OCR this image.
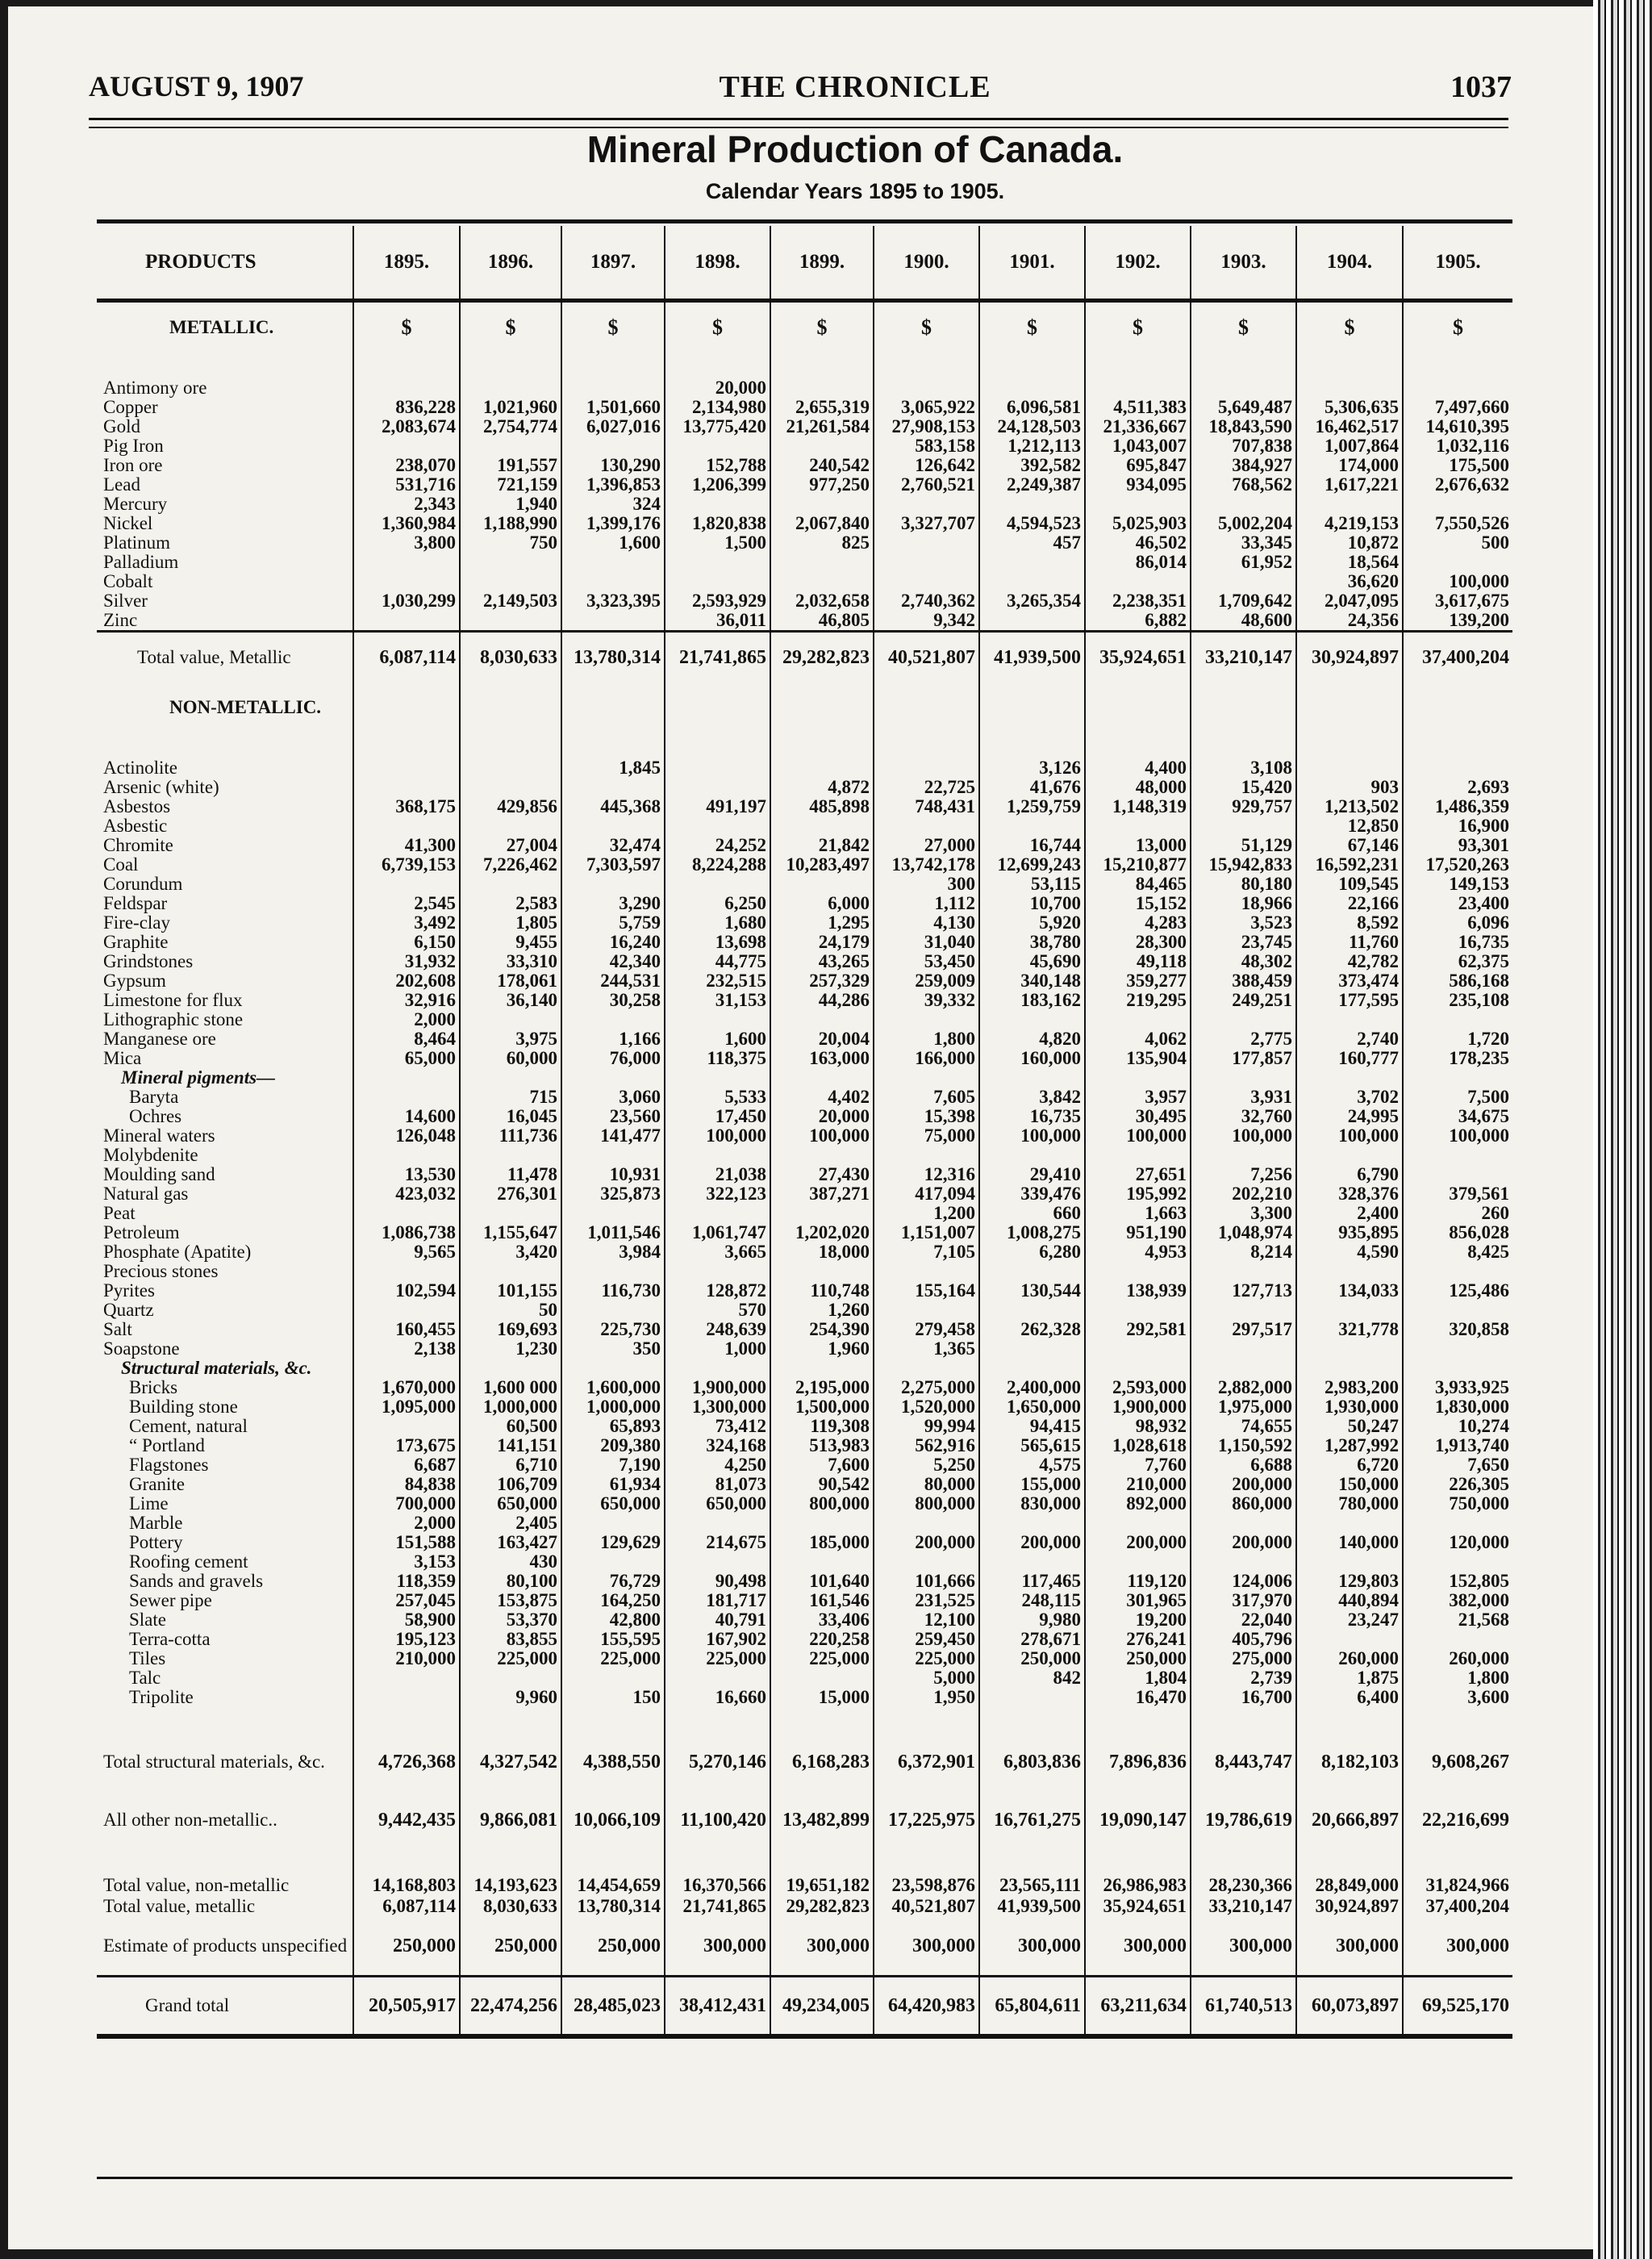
AUGUST 9, 1907	THE CHRONICLE	1037
Mineral Production of Canada.
Calendar Years 1895 to 1905.
PRODUCTS	1895.	1896.	1897.	1898.	1899.	1900.	1901.	1902.	1903.	1904.	1905.
METALLIC.	$	$	$	$	$	$	$	$	$	$	$

Antimony ore				20,000							
Copper	836,228	1,021,960	1,501,660	2,134,980	2,655,319	3,065,922	6,096,581	4,511,383	5,649,487	5,306,635	7,497,660
Gold	2,083,674	2,754,774	6,027,016	13,775,420	21,261,584	27,908,153	24,128,503	21,336,667	18,843,590	16,462,517	14,610,395
Pig Iron						583,158	1,212,113	1,043,007	707,838	1,007,864	1,032,116
Iron ore	238,070	191,557	130,290	152,788	240,542	126,642	392,582	695,847	384,927	174,000	175,500
Lead	531,716	721,159	1,396,853	1,206,399	977,250	2,760,521	2,249,387	934,095	768,562	1,617,221	2,676,632
Mercury	2,343	1,940	324								
Nickel	1,360,984	1,188,990	1,399,176	1,820,838	2,067,840	3,327,707	4,594,523	5,025,903	5,002,204	4,219,153	7,550,526
Platinum	3,800	750	1,600	1,500	825		457	46,502	33,345	10,872	500
Palladium								86,014	61,952	18,564	
Cobalt										36,620	100,000
Silver	1,030,299	2,149,503	3,323,395	2,593,929	2,032,658	2,740,362	3,265,354	2,238,351	1,709,642	2,047,095	3,617,675
Zinc				36,011	46,805	9,342		6,882	48,600	24,356	139,200
Total value, Metallic	6,087,114	8,030,633	13,780,314	21,741,865	29,282,823	40,521,807	41,939,500	35,924,651	33,210,147	30,924,897	37,400,204
NON-METALLIC.											

Actinolite			1,845				3,126	4,400	3,108		
Arsenic (white)					4,872	22,725	41,676	48,000	15,420	903	2,693
Asbestos	368,175	429,856	445,368	491,197	485,898	748,431	1,259,759	1,148,319	929,757	1,213,502	1,486,359
Asbestic										12,850	16,900
Chromite	41,300	27,004	32,474	24,252	21,842	27,000	16,744	13,000	51,129	67,146	93,301
Coal	6,739,153	7,226,462	7,303,597	8,224,288	10,283,497	13,742,178	12,699,243	15,210,877	15,942,833	16,592,231	17,520,263
Corundum						300	53,115	84,465	80,180	109,545	149,153
Feldspar	2,545	2,583	3,290	6,250	6,000	1,112	10,700	15,152	18,966	22,166	23,400
Fire-clay	3,492	1,805	5,759	1,680	1,295	4,130	5,920	4,283	3,523	8,592	6,096
Graphite	6,150	9,455	16,240	13,698	24,179	31,040	38,780	28,300	23,745	11,760	16,735
Grindstones	31,932	33,310	42,340	44,775	43,265	53,450	45,690	49,118	48,302	42,782	62,375
Gypsum	202,608	178,061	244,531	232,515	257,329	259,009	340,148	359,277	388,459	373,474	586,168
Limestone for flux	32,916	36,140	30,258	31,153	44,286	39,332	183,162	219,295	249,251	177,595	235,108
Lithographic stone	2,000										
Manganese ore	8,464	3,975	1,166	1,600	20,004	1,800	4,820	4,062	2,775	2,740	1,720
Mica	65,000	60,000	76,000	118,375	163,000	166,000	160,000	135,904	177,857	160,777	178,235
Mineral pigments—											
Baryta		715	3,060	5,533	4,402	7,605	3,842	3,957	3,931	3,702	7,500
Ochres	14,600	16,045	23,560	17,450	20,000	15,398	16,735	30,495	32,760	24,995	34,675
Mineral waters	126,048	111,736	141,477	100,000	100,000	75,000	100,000	100,000	100,000	100,000	100,000
Molybdenite											
Moulding sand	13,530	11,478	10,931	21,038	27,430	12,316	29,410	27,651	7,256	6,790	
Natural gas	423,032	276,301	325,873	322,123	387,271	417,094	339,476	195,992	202,210	328,376	379,561
Peat						1,200	660	1,663	3,300	2,400	260
Petroleum	1,086,738	1,155,647	1,011,546	1,061,747	1,202,020	1,151,007	1,008,275	951,190	1,048,974	935,895	856,028
Phosphate (Apatite)	9,565	3,420	3,984	3,665	18,000	7,105	6,280	4,953	8,214	4,590	8,425
Precious stones											
Pyrites	102,594	101,155	116,730	128,872	110,748	155,164	130,544	138,939	127,713	134,033	125,486
Quartz		50		570	1,260						
Salt	160,455	169,693	225,730	248,639	254,390	279,458	262,328	292,581	297,517	321,778	320,858
Soapstone	2,138	1,230	350	1,000	1,960	1,365					
Structural materials, &c.											
Bricks	1,670,000	1,600 000	1,600,000	1,900,000	2,195,000	2,275,000	2,400,000	2,593,000	2,882,000	2,983,200	3,933,925
Building stone	1,095,000	1,000,000	1,000,000	1,300,000	1,500,000	1,520,000	1,650,000	1,900,000	1,975,000	1,930,000	1,830,000
Cement, natural		60,500	65,893	73,412	119,308	99,994	94,415	98,932	74,655	50,247	10,274
“ Portland	173,675	141,151	209,380	324,168	513,983	562,916	565,615	1,028,618	1,150,592	1,287,992	1,913,740
Flagstones	6,687	6,710	7,190	4,250	7,600	5,250	4,575	7,760	6,688	6,720	7,650
Granite	84,838	106,709	61,934	81,073	90,542	80,000	155,000	210,000	200,000	150,000	226,305
Lime	700,000	650,000	650,000	650,000	800,000	800,000	830,000	892,000	860,000	780,000	750,000
Marble	2,000	2,405									
Pottery	151,588	163,427	129,629	214,675	185,000	200,000	200,000	200,000	200,000	140,000	120,000
Roofing cement	3,153	430									
Sands and gravels	118,359	80,100	76,729	90,498	101,640	101,666	117,465	119,120	124,006	129,803	152,805
Sewer pipe	257,045	153,875	164,250	181,717	161,546	231,525	248,115	301,965	317,970	440,894	382,000
Slate	58,900	53,370	42,800	40,791	33,406	12,100	9,980	19,200	22,040	23,247	21,568
Terra-cotta	195,123	83,855	155,595	167,902	220,258	259,450	278,671	276,241	405,796		
Tiles	210,000	225,000	225,000	225,000	225,000	225,000	250,000	250,000	275,000	260,000	260,000
Talc						5,000	842	1,804	2,739	1,875	1,800
Tripolite		9,960	150	16,660	15,000	1,950		16,470	16,700	6,400	3,600

Total structural materials, &c.	4,726,368	4,327,542	4,388,550	5,270,146	6,168,283	6,372,901	6,803,836	7,896,836	8,443,747	8,182,103	9,608,267
All other non-metallic..	9,442,435	9,866,081	10,066,109	11,100,420	13,482,899	17,225,975	16,761,275	19,090,147	19,786,619	20,666,897	22,216,699

Total value, non-metallic	14,168,803	14,193,623	14,454,659	16,370,566	19,651,182	23,598,876	23,565,111	26,986,983	28,230,366	28,849,000	31,824,966
Total value, metallic	6,087,114	8,030,633	13,780,314	21,741,865	29,282,823	40,521,807	41,939,500	35,924,651	33,210,147	30,924,897	37,400,204
Estimate of products unspecified	250,000	250,000	250,000	300,000	300,000	300,000	300,000	300,000	300,000	300,000	300,000
Grand total	20,505,917	22,474,256	28,485,023	38,412,431	49,234,005	64,420,983	65,804,611	63,211,634	61,740,513	60,073,897	69,525,170
